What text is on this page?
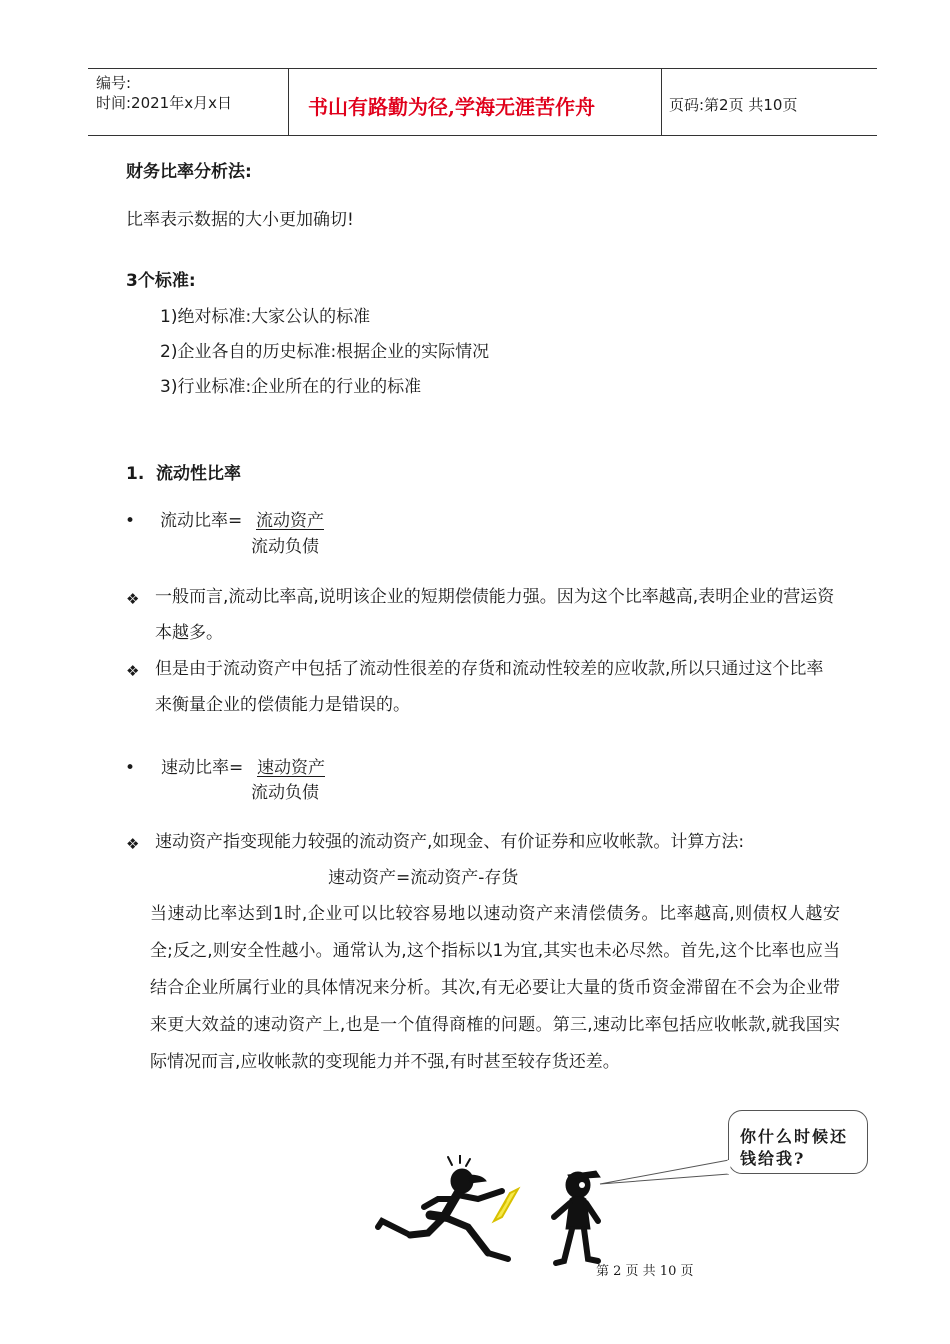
编号:
时间:2021年x月x日	书山有路勤为径,学海无涯苦作舟	页码:第2页 共10页
财务比率分析法:
比率表示数据的大小更加确切!
3个标准:
1)绝对标准:大家公认的标准
2)企业各自的历史标准:根据企业的实际情况
3)行业标准:企业所在的行业的标准
1. 流动性比率
• 流动比率= 流动资产
流动负债
❖ 一般而言,流动比率高,说明该企业的短期偿债能力强。因为这个比率越高,表明企业的营运资本越多。
❖ 但是由于流动资产中包括了流动性很差的存货和流动性较差的应收款,所以只通过这个比率来衡量企业的偿债能力是错误的。
• 速动比率= 速动资产
流动负债
❖ 速动资产指变现能力较强的流动资产,如现金、有价证券和应收帐款。计算方法:
速动资产=流动资产-存货
当速动比率达到1时,企业可以比较容易地以速动资产来清偿债务。比率越高,则债权人越安全;反之,则安全性越小。通常认为,这个指标以1为宜,其实也未必尽然。首先,这个比率也应当结合企业所属行业的具体情况来分析。其次,有无必要让大量的货币资金滞留在不会为企业带来更大效益的速动资产上,也是一个值得商榷的问题。第三,速动比率包括应收帐款,就我国实际情况而言,应收帐款的变现能力并不强,有时甚至较存货还差。
你什么时候还
钱给我?
第 2 页 共 10 页
